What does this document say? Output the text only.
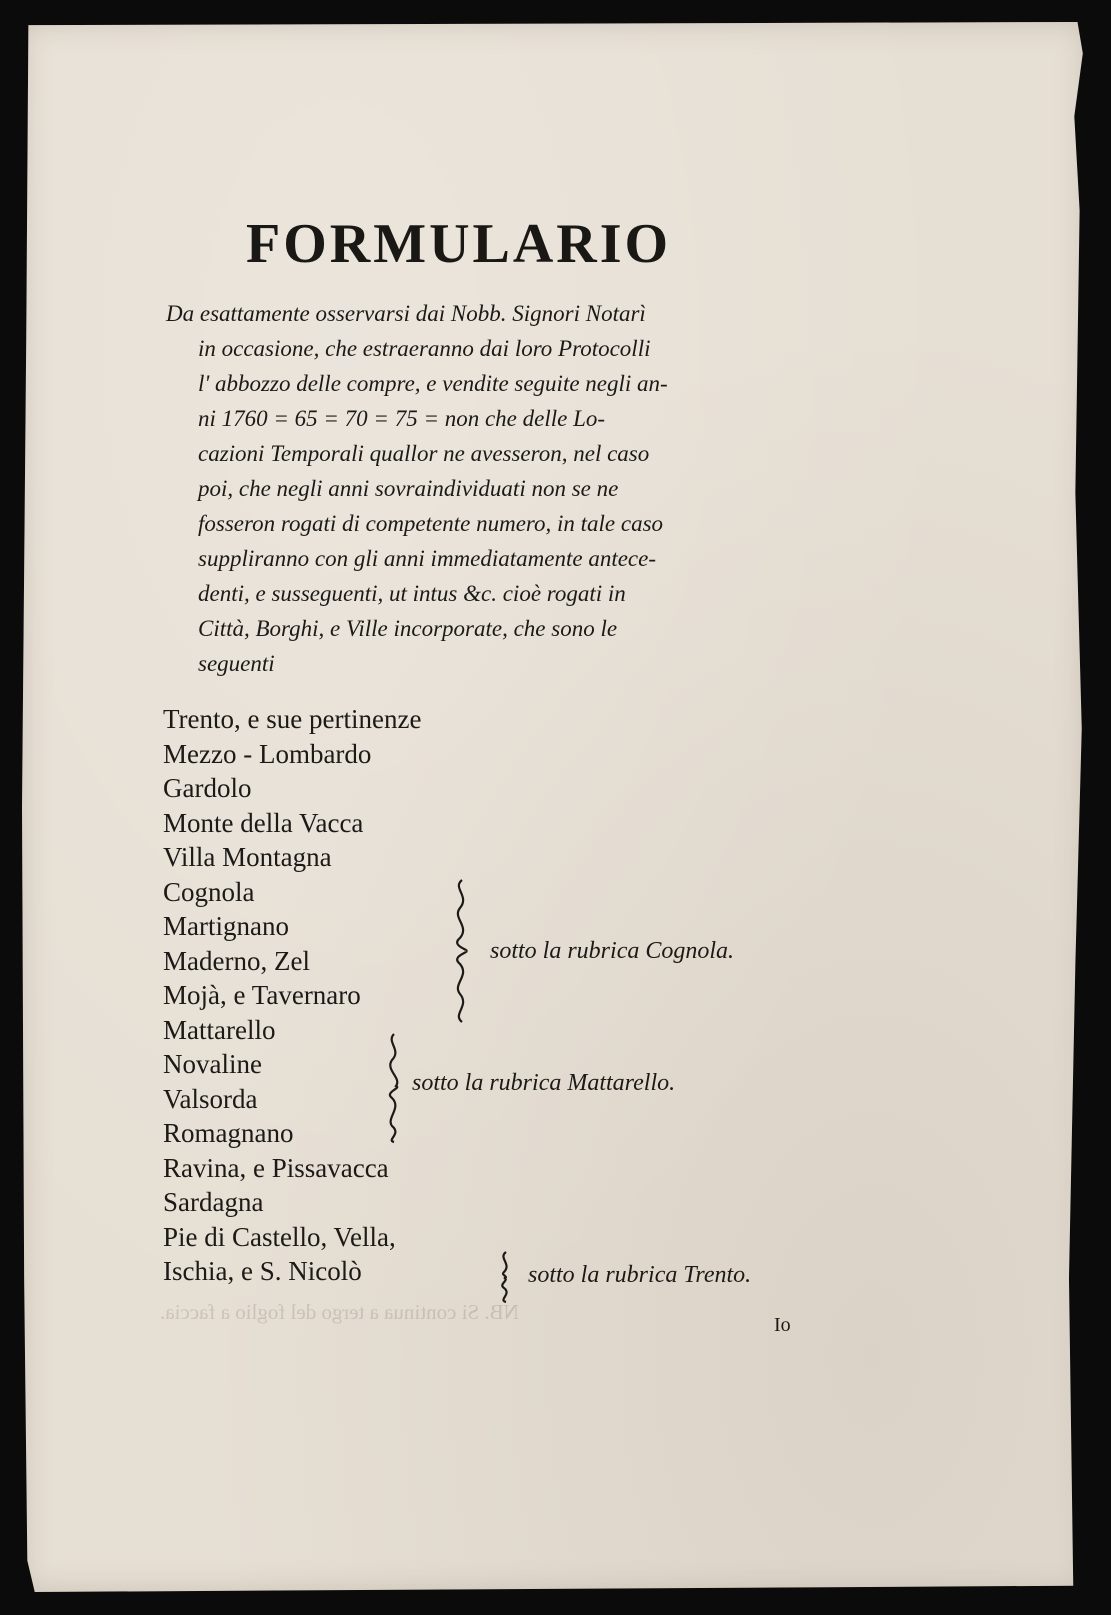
FORMULARIO
Da esattamente osservarsi dai Nobb. Signori Notarì
in occasione, che estraeranno dai loro Protocolli
l' abbozzo delle compre, e vendite seguite negli an-
ni 1760 = 65 = 70 = 75 = non che delle Lo-
cazioni Temporali quallor ne avesseron, nel caso
poi, che negli anni sovraindividuati non se ne
fosseron rogati di competente numero, in tale caso
suppliranno con gli anni immediatamente antece-
denti, e susseguenti, ut intus &c. cioè rogati in
Città, Borghi, e Ville incorporate, che sono le
seguenti
Trento, e sue pertinenze
Mezzo - Lombardo
Gardolo
Monte della Vacca
Villa Montagna
Cognola
Martignano
Maderno, Zel
Mojà, e Tavernaro
Mattarello
Novaline
Valsorda
Romagnano
Ravina, e Pissavacca
Sardagna
Pie di Castello, Vella,
Ischia, e S. Nicolò
sotto la rubrica Cognola.
sotto la rubrica Mattarello.
sotto la rubrica Trento.
Io
